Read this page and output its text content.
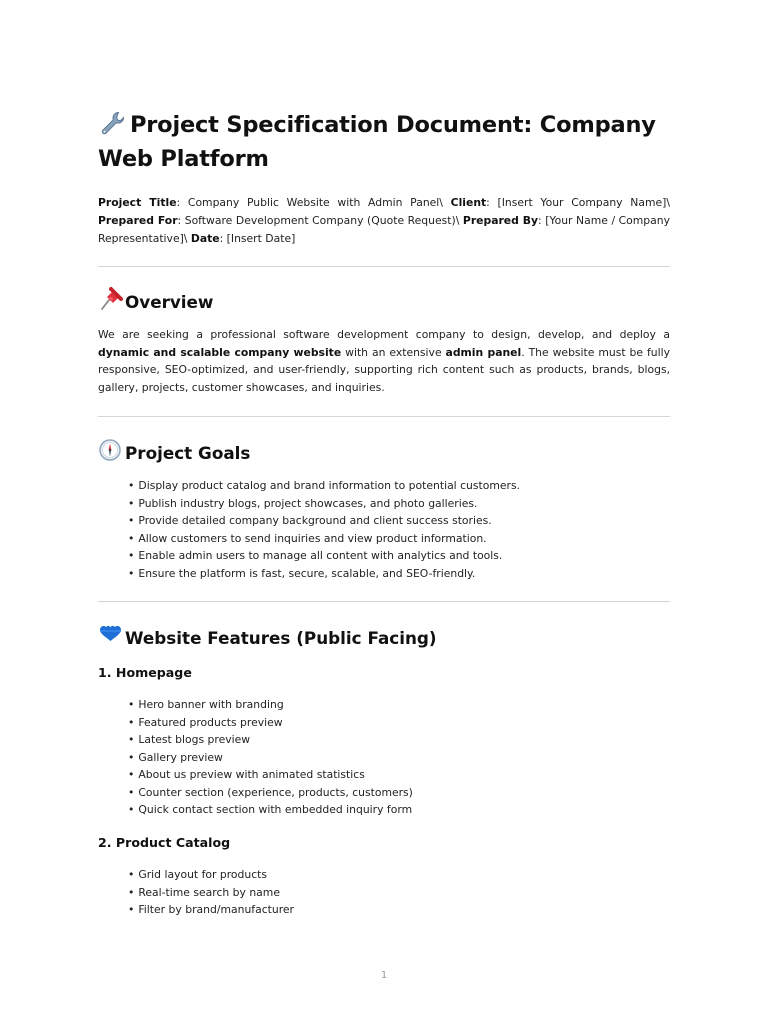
Project Specification Document: Company Web Platform
Project Title: Company Public Website with Admin Panel\ Client: [Insert Your Company Name]\ Prepared For: Software Development Company (Quote Request)\ Prepared By: [Your Name / Company Representative]\ Date: [Insert Date]
Overview
We are seeking a professional software development company to design, develop, and deploy a dynamic and scalable company website with an extensive admin panel. The website must be fully responsive, SEO-optimized, and user-friendly, supporting rich content such as products, brands, blogs, gallery, projects, customer showcases, and inquiries.
Project Goals
• Display product catalog and brand information to potential customers.
• Publish industry blogs, project showcases, and photo galleries.
• Provide detailed company background and client success stories.
• Allow customers to send inquiries and view product information.
• Enable admin users to manage all content with analytics and tools.
• Ensure the platform is fast, secure, scalable, and SEO-friendly.
Website Features (Public Facing)
1. Homepage
• Hero banner with branding
• Featured products preview
• Latest blogs preview
• Gallery preview
• About us preview with animated statistics
• Counter section (experience, products, customers)
• Quick contact section with embedded inquiry form
2. Product Catalog
• Grid layout for products
• Real-time search by name
• Filter by brand/manufacturer
1
